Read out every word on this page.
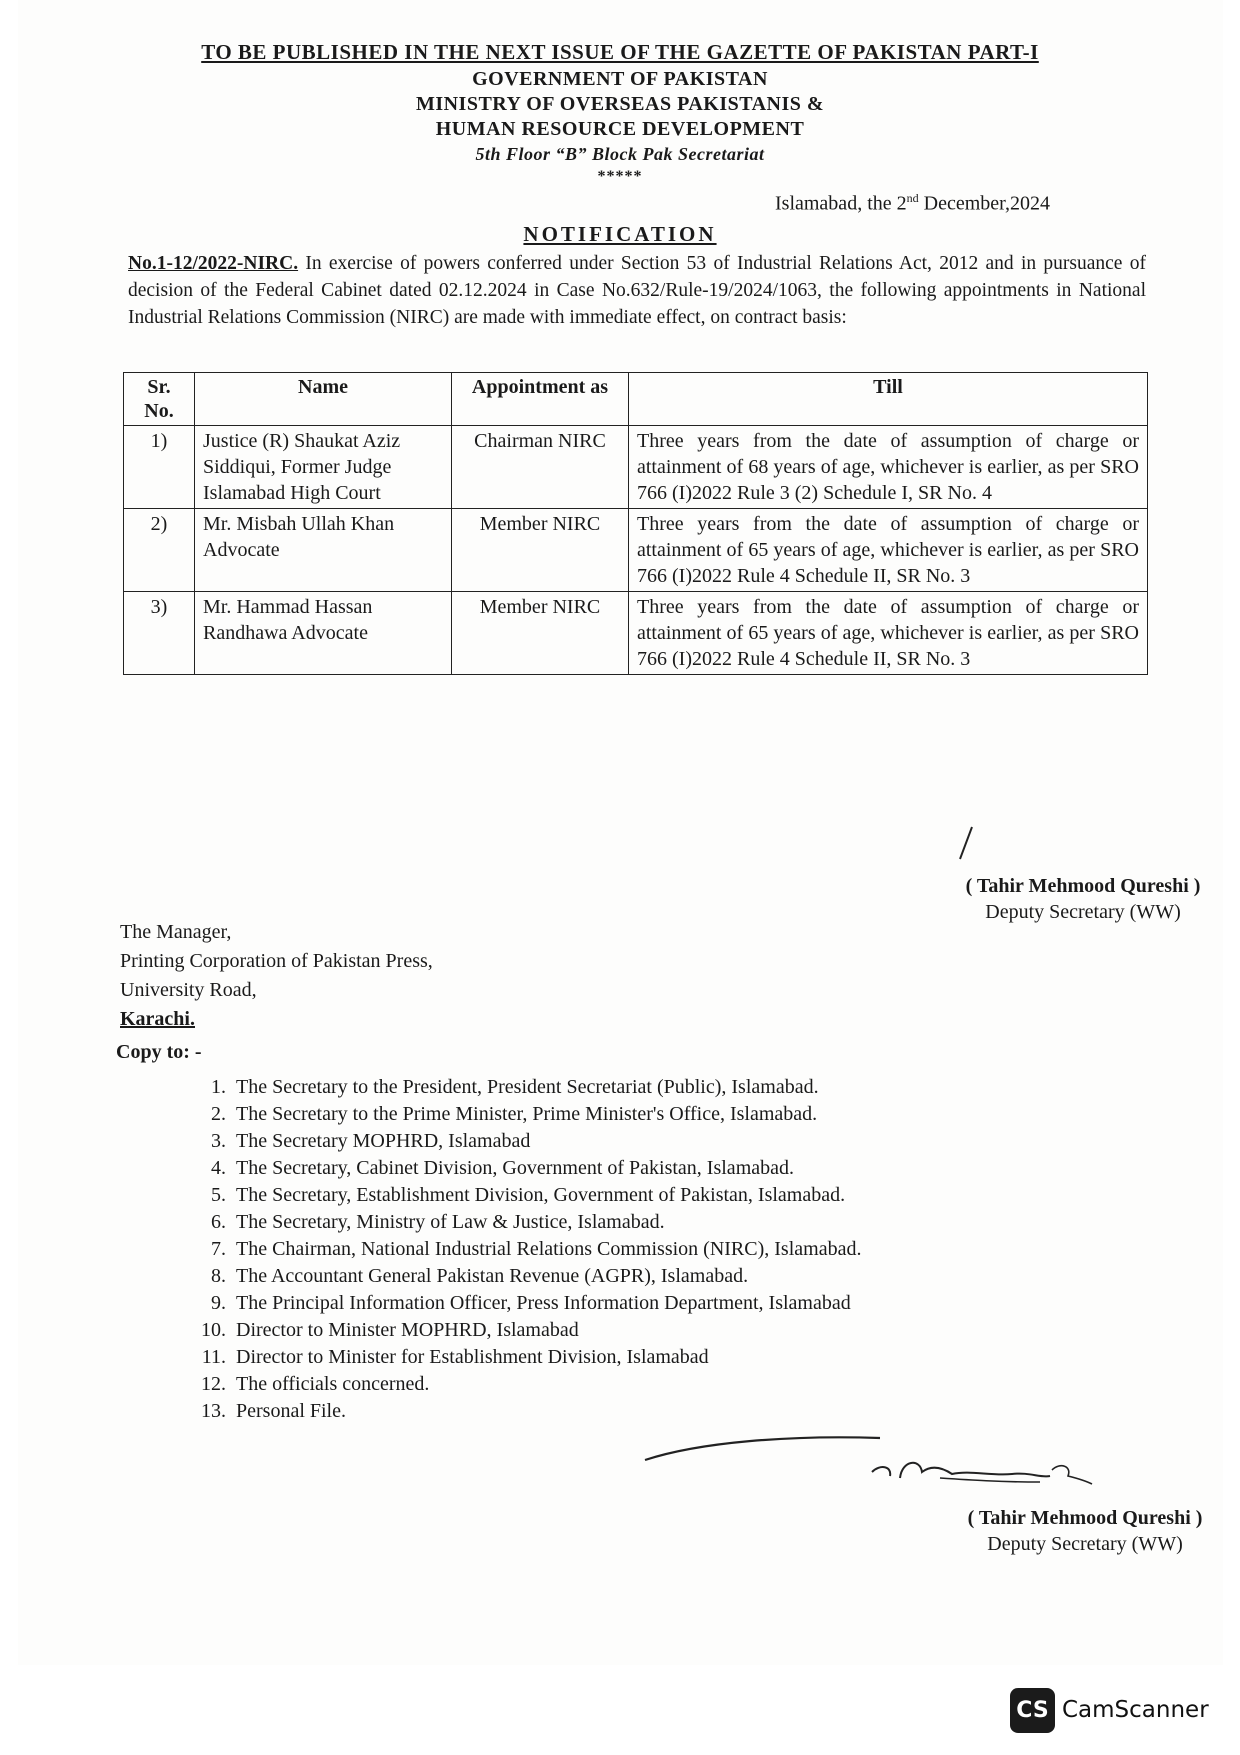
TO BE PUBLISHED IN THE NEXT ISSUE OF THE GAZETTE OF PAKISTAN PART-I
GOVERNMENT OF PAKISTAN
MINISTRY OF OVERSEAS PAKISTANIS &
HUMAN RESOURCE DEVELOPMENT
5th Floor “B” Block Pak Secretariat
*****
Islamabad, the 2nd December,2024
NOTIFICATION
No.1-12/2022-NIRC. In exercise of powers conferred under Section 53 of Industrial Relations Act, 2012 and in pursuance of decision of the Federal Cabinet dated 02.12.2024 in Case No.632/Rule-19/2024/1063, the following appointments in National Industrial Relations Commission (NIRC) are made with immediate effect, on contract basis:
Sr. No.	Name	Appointment as	Till
1)	Justice (R) Shaukat Aziz Siddiqui, Former Judge Islamabad High Court	Chairman NIRC	Three years from the date of assumption of charge or attainment of 68 years of age, whichever is earlier, as per SRO 766 (I)2022 Rule 3 (2) Schedule I, SR No. 4
2)	Mr. Misbah Ullah Khan Advocate	Member NIRC	Three years from the date of assumption of charge or attainment of 65 years of age, whichever is earlier, as per SRO 766 (I)2022 Rule 4 Schedule II, SR No. 3
3)	Mr. Hammad Hassan Randhawa Advocate	Member NIRC	Three years from the date of assumption of charge or attainment of 65 years of age, whichever is earlier, as per SRO 766 (I)2022 Rule 4 Schedule II, SR No. 3
( Tahir Mehmood Qureshi )
Deputy Secretary (WW)
The Manager,
Printing Corporation of Pakistan Press,
University Road,
Karachi.
Copy to: -
1. The Secretary to the President, President Secretariat (Public), Islamabad.
2. The Secretary to the Prime Minister, Prime Minister's Office, Islamabad.
3. The Secretary MOPHRD, Islamabad
4. The Secretary, Cabinet Division, Government of Pakistan, Islamabad.
5. The Secretary, Establishment Division, Government of Pakistan, Islamabad.
6. The Secretary, Ministry of Law & Justice, Islamabad.
7. The Chairman, National Industrial Relations Commission (NIRC), Islamabad.
8. The Accountant General Pakistan Revenue (AGPR), Islamabad.
9. The Principal Information Officer, Press Information Department, Islamabad
10. Director to Minister MOPHRD, Islamabad
11. Director to Minister for Establishment Division, Islamabad
12. The officials concerned.
13. Personal File.
( Tahir Mehmood Qureshi )
Deputy Secretary (WW)
CS CamScanner
